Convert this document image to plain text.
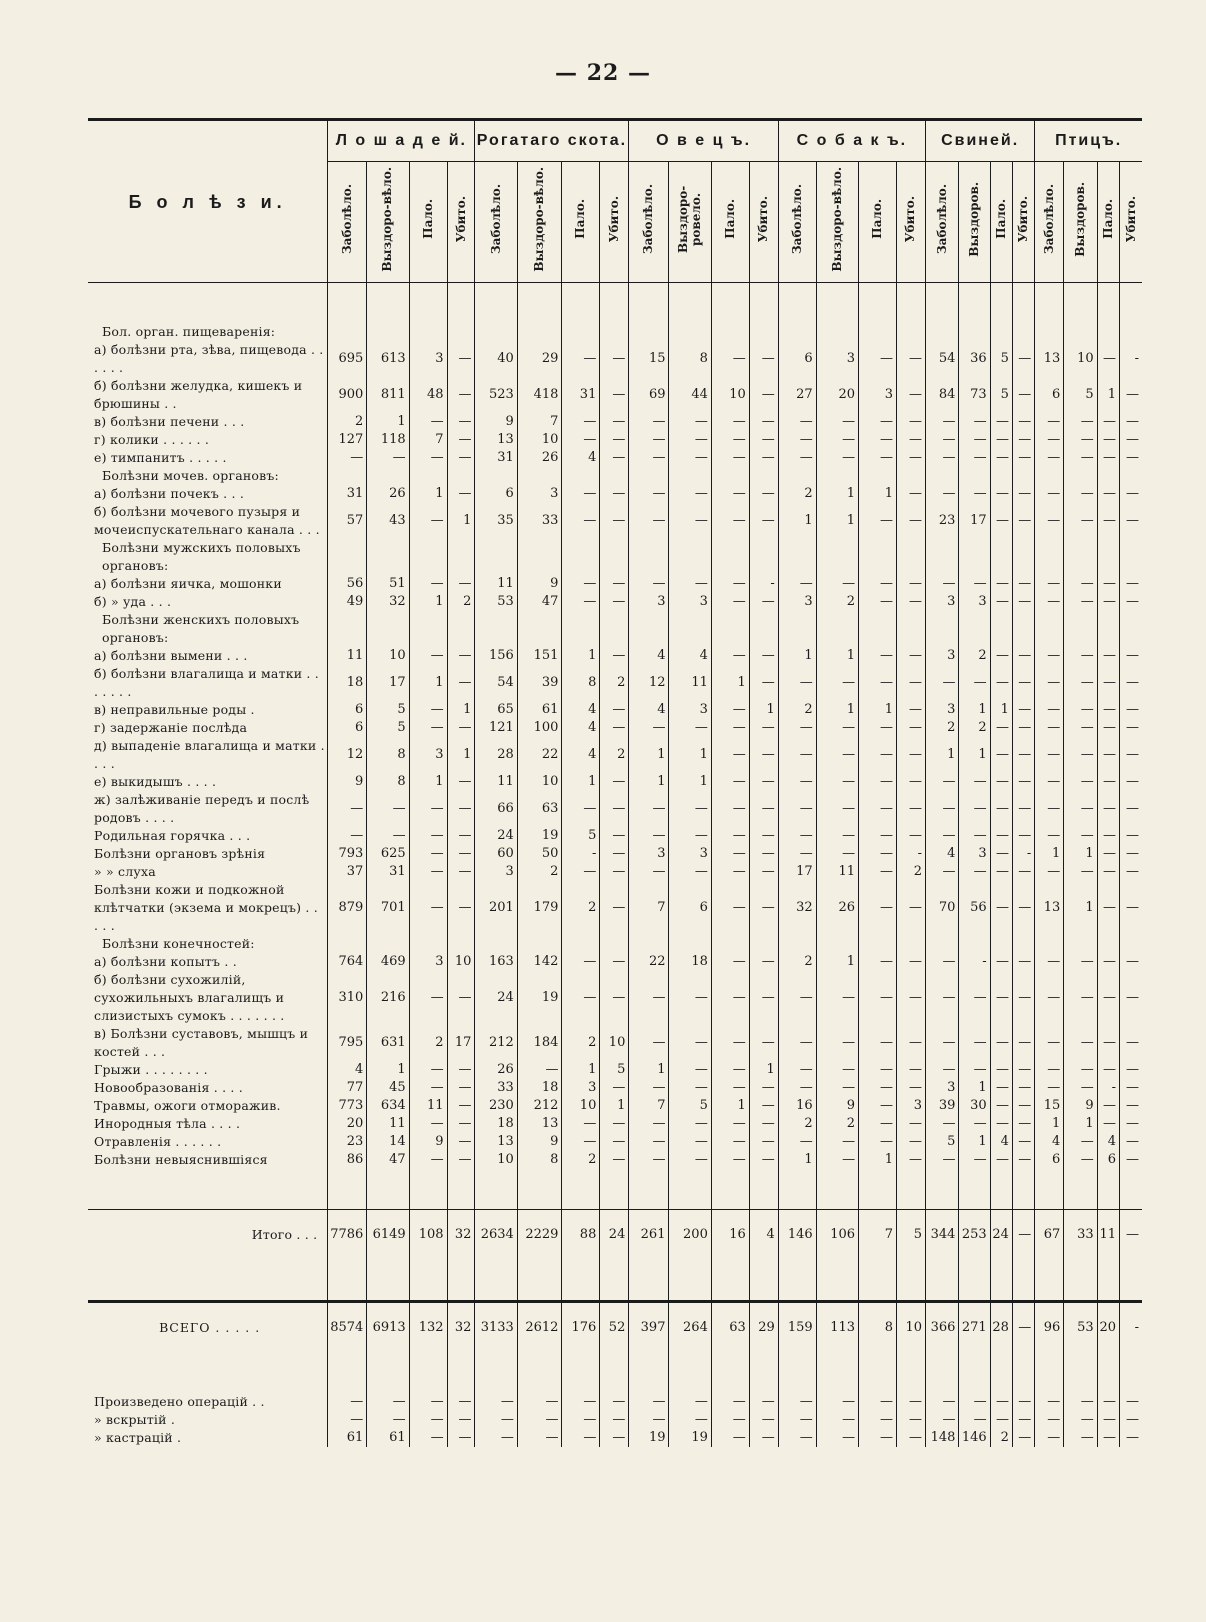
— 22 —
Б о л ѣ з и.	Л о ш а д е й.				Рогатаго скота.				О в е ц ъ.				С о б а к ъ.				Свиней.				Птицъ.			
	Заболѣло.	Выздоро-вѣло.	Пало.	Убито.	Заболѣло.	Выздоро-вѣло.	Пало.	Убито.	Заболѣло.	Выздоро-ровело.	Пало.	Убито.	Заболѣло.	Выздоро-вѣло.	Пало.	Убито.	Заболѣло.	Выздоров.	Пало.	Убито.	Заболѣло.	Выздоров.	Пало.	Убито.

Бол. орган. пищеваренія:																								
а) болѣзни рта, зѣва, пищевода . . . . . .	695	613	3	—	40	29	—	—	15	8	—	—	6	3	—	—	54	36	5	—	13	10	—	-
б) болѣзни желудка, кишекъ и брюшины . .	900	811	48	—	523	418	31	—	69	44	10	—	27	20	3	—	84	73	5	—	6	5	1	—
в) болѣзни печени . . .	2	1	—	—	9	7	—	—	—	—	—	—	—	—	—	—	—	—	—	—	—	—	—	—
г) колики . . . . . .	127	118	7	—	13	10	—	—	—	—	—	—	—	—	—	—	—	—	—	—	—	—	—	—
е) тимпанитъ . . . . .	—	—	—	—	31	26	4	—	—	—	—	—	—	—	—	—	—	—	—	—	—	—	—	—
Болѣзни мочев. органовъ:																								
а) болѣзни почекъ . . .	31	26	1	—	6	3	—	—	—	—	—	—	2	1	1	—	—	—	—	—	—	—	—	—
б) болѣзни мочевого пузыря и мочеиспускательнаго канала . . .	57	43	—	1	35	33	—	—	—	—	—	—	1	1	—	—	23	17	—	—	—	—	—	—
Болѣзни мужскихъ половыхъ органовъ:																								
а) болѣзни яичка, мошонки	56	51	—	—	11	9	—	—	—	—	—	-	—	—	—	—	—	—	—	—	—	—	—	—
б) » уда . . .	49	32	1	2	53	47	—	—	3	3	—	—	3	2	—	—	3	3	—	—	—	—	—	—
Болѣзни женскихъ половыхъ органовъ:																								
а) болѣзни вымени . . .	11	10	—	—	156	151	1	—	4	4	—	—	1	1	—	—	3	2	—	—	—	—	—	—
б) болѣзни влагалища и матки . . . . . . .	18	17	1	—	54	39	8	2	12	11	1	—	—	—	—	—	—	—	—	—	—	—	—	—
в) неправильные роды .	6	5	—	1	65	61	4	—	4	3	—	1	2	1	1	—	3	1	1	—	—	—	—	—
г) задержаніе послѣда	6	5	—	—	121	100	4	—	—	—	—	—	—	—	—	—	2	2	—	—	—	—	—	—
д) выпаденіе влагалища и матки . . . .	12	8	3	1	28	22	4	2	1	1	—	—	—	—	—	—	1	1	—	—	—	—	—	—
е) выкидышъ . . . .	9	8	1	—	11	10	1	—	1	1	—	—	—	—	—	—	—	—	—	—	—	—	—	—
ж) залѣживаніе передъ и послѣ родовъ . . . .	—	—	—	—	66	63	—	—	—	—	—	—	—	—	—	—	—	—	—	—	—	—	—	—
Родильная горячка . . .	—	—	—	—	24	19	5	—	—	—	—	—	—	—	—	—	—	—	—	—	—	—	—	—
Болѣзни органовъ зрѣнія	793	625	—	—	60	50	-	—	3	3	—	—	—	—	—	-	4	3	—	-	1	1	—	—
» » слуха	37	31	—	—	3	2	—	—	—	—	—	—	17	11	—	2	—	—	—	—	—	—	—	—
Болѣзни кожи и подкожной клѣтчатки (экзема и мокрецъ) . . . . .	879	701	—	—	201	179	2	—	7	6	—	—	32	26	—	—	70	56	—	—	13	1	—	—
Болѣзни конечностей:																								
а) болѣзни копытъ . .	764	469	3	10	163	142	—	—	22	18	—	—	2	1	—	—	—	-	—	—	—	—	—	—
б) болѣзни сухожилій, сухожильныхъ влагалищъ и слизистыхъ сумокъ . . . . . . .	310	216	—	—	24	19	—	—	—	—	—	—	—	—	—	—	—	—	—	—	—	—	—	—
в) Болѣзни суставовъ, мышцъ и костей . . .	795	631	2	17	212	184	2	10	—	—	—	—	—	—	—	—	—	—	—	—	—	—	—	—
Грыжи . . . . . . . .	4	1	—	—	26	—	1	5	1	—	—	1	—	—	—	—	—	—	—	—	—	—	—	—
Новообразованія . . . .	77	45	—	—	33	18	3	—	—	—	—	—	—	—	—	—	3	1	—	—	—	—	-	—
Травмы, ожоги отморажив.	773	634	11	—	230	212	10	1	7	5	1	—	16	9	—	3	39	30	—	—	15	9	—	—
Инородныя тѣла . . . .	20	11	—	—	18	13	—	—	—	—	—	—	2	2	—	—	—	—	—	—	1	1	—	—
Отравленія . . . . . .	23	14	9	—	13	9	—	—	—	—	—	—	—	—	—	—	5	1	4	—	4	—	4	—
Болѣзни невыяснившіяся	86	47	—	—	10	8	2	—	—	—	—	—	1	—	1	—	—	—	—	—	6	—	6	—

Итого . . .	7786	6149	108	32	2634	2229	88	24	261	200	16	4	146	106	7	5	344	253	24	—	67	33	11	—

ВСЕГО . . . . .	8574	6913	132	32	3133	2612	176	52	397	264	63	29	159	113	8	10	366	271	28	—	96	53	20	-

Произведено операцій . .	—	—	—	—	—	—	—	—	—	—	—	—	—	—	—	—	—	—	—	—	—	—	—	—
» вскрытій .	—	—	—	—	—	—	—	—	—	—	—	—	—	—	—	—	—	—	—	—	—	—	—	—
» кастрацій .	61	61	—	—	—	—	—	—	19	19	—	—	—	—	—	—	148	146	2	—	—	—	—	—
